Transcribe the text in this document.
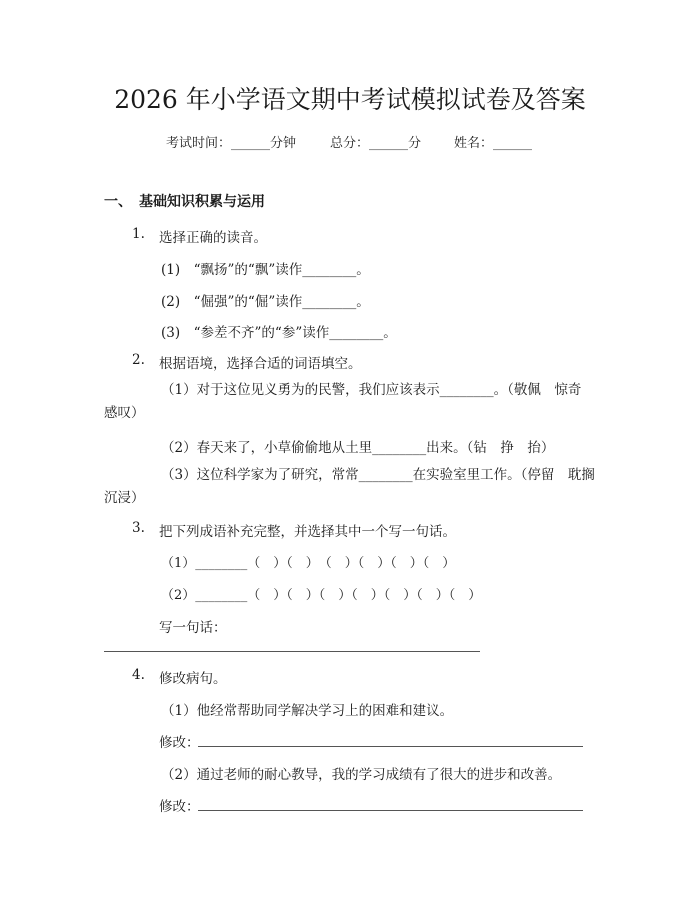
2026 年小学语文期中考试模拟试卷及答案
考试时间：______分钟	总分：______分	姓名：______
一、　基础知识积累与运用
1. 选择正确的读音。
(1)　“飘扬”的“飘”读作________。
(2)　“倔强”的“倔”读作________。
(3)　“参差不齐”的“参”读作________。
2. 根据语境，选择合适的词语填空。
（1）对于这位见义勇为的民警，我们应该表示________。（敬佩　惊奇　感叹）
（2）春天来了，小草偷偷地从土里________出来。（钻　挣　抬）
（3）这位科学家为了研究，常常________在实验室里工作。（停留　耽搁　沉浸）
3. 把下列成语补充完整，并选择其中一个写一句话。
（1）________（　）（　）　（　）（　）（　）（　）
（2）________（　）（　）（　）（　）（　）（　）（　）
写一句话：
4. 修改病句。
（1）他经常帮助同学解决学习上的困难和建议。
修改：
（2）通过老师的耐心教导，我的学习成绩有了很大的进步和改善。
修改：
